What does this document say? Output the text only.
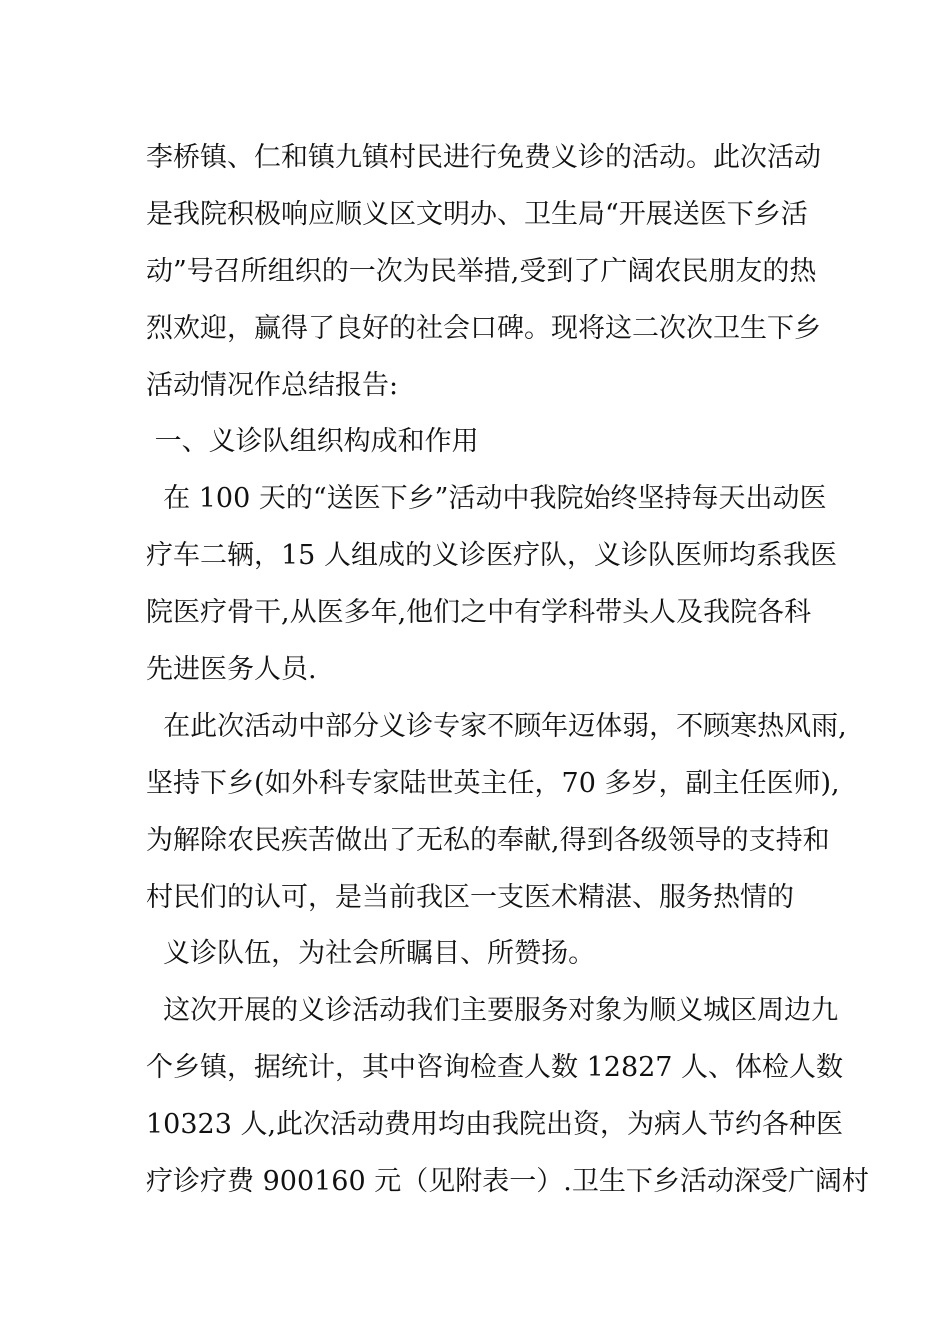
李桥镇、仁和镇九镇村民进行免费义诊的活动。此次活动

是我院积极响应顺义区文明办、卫生局“开展送医下乡活

动”号召所组织的一次为民举措,受到了广阔农民朋友的热

烈欢迎，赢得了良好的社会口碑。现将这二次次卫生下乡

活动情况作总结报告:

一、义诊队组织构成和作用

在 100 天的“送医下乡”活动中我院始终坚持每天出动医

疗车二辆，15 人组成的义诊医疗队，义诊队医师均系我医

院医疗骨干,从医多年,他们之中有学科带头人及我院各科

先进医务人员.

在此次活动中部分义诊专家不顾年迈体弱，不顾寒热风雨,

坚持下乡(如外科专家陆世英主任，70 多岁，副主任医师),

为解除农民疾苦做出了无私的奉献,得到各级领导的支持和

村民们的认可，是当前我区一支医术精湛、服务热情的

义诊队伍，为社会所瞩目、所赞扬。

这次开展的义诊活动我们主要服务对象为顺义城区周边九

个乡镇，据统计，其中咨询检查人数 12827 人、体检人数

10323 人,此次活动费用均由我院出资，为病人节约各种医

疗诊疗费 900160 元（见附表一）.卫生下乡活动深受广阔村
